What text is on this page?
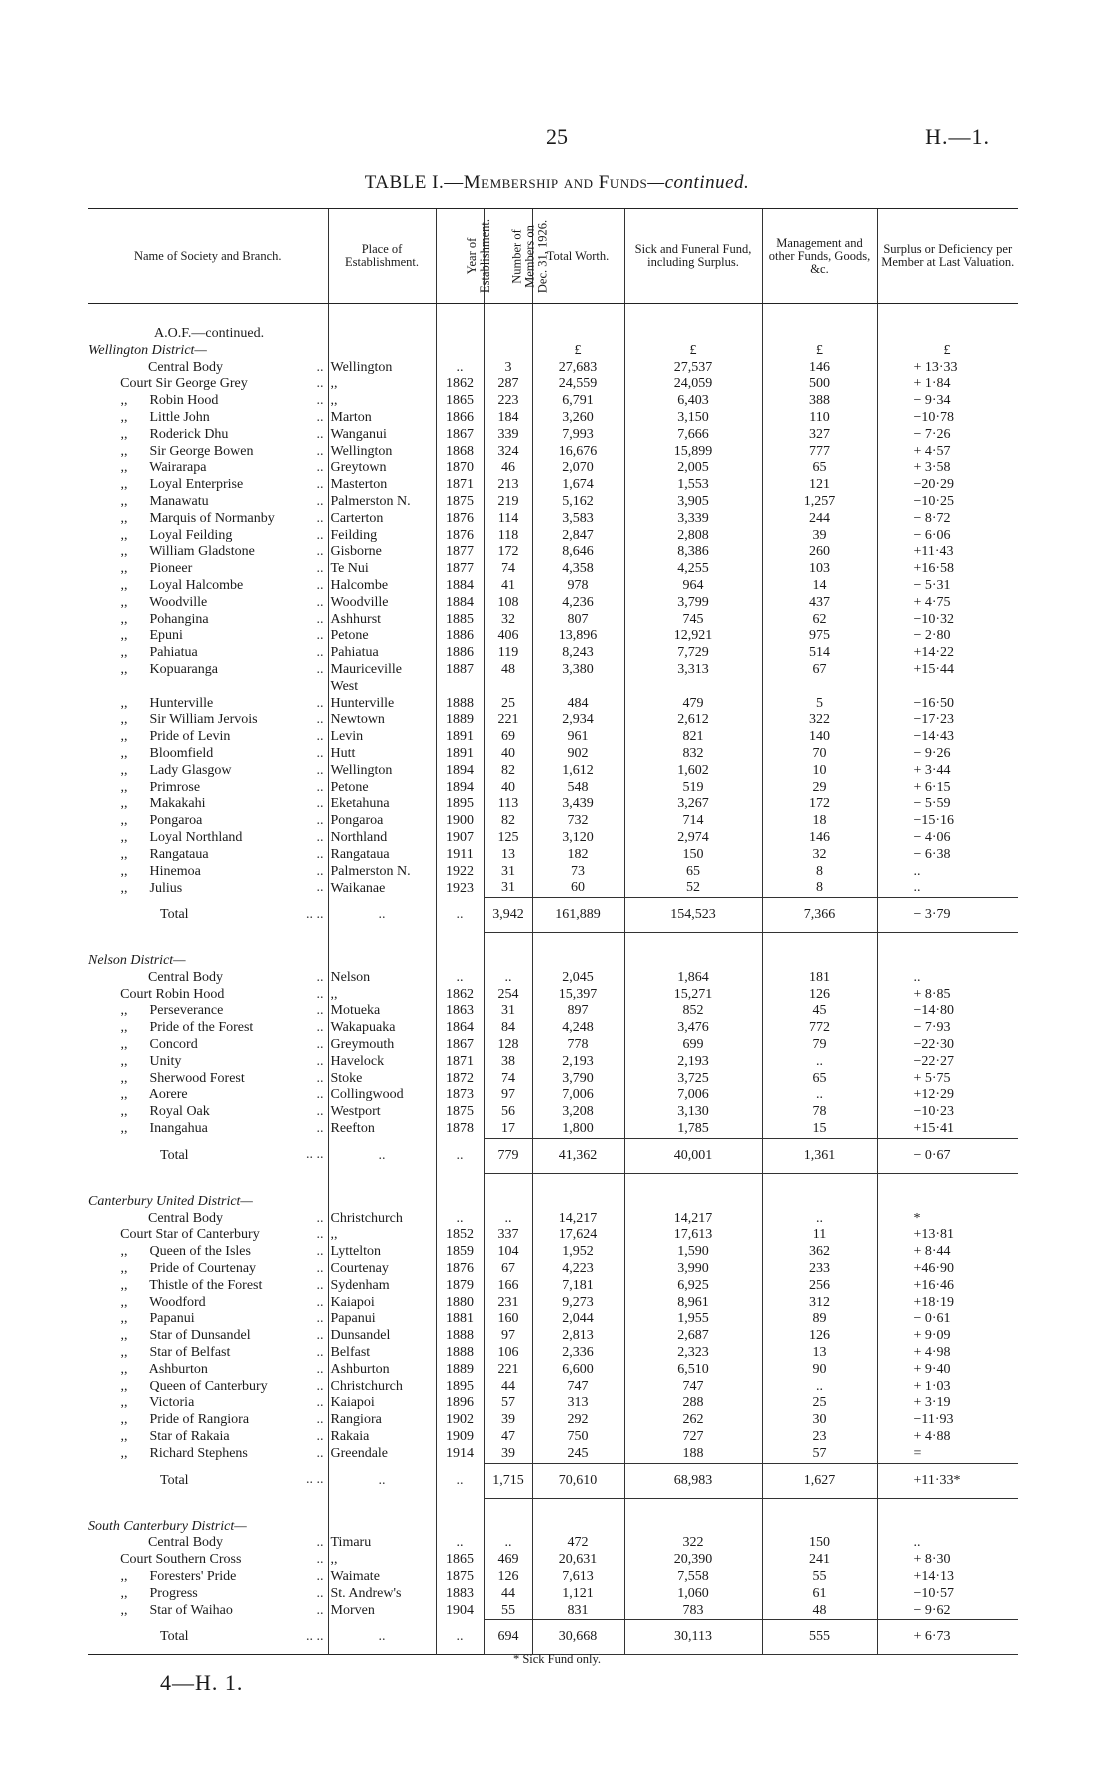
25	H.—1.
TABLE I.—Membership and Funds—continued.
Name of Society and Branch.	Place of Establishment.	Year of Establishment.	Number of Members on Dec. 31, 1926.	Total Worth.	Sick and Funeral Fund, including Surplus.	Management and other Funds, Goods, &c.	Surplus or Deficiency per Member at Last Valuation.

A.O.F.—continued.							
Wellington District—				£	£	£	£
Central Body ..	Wellington	..	3	27,683	27,537	146	+ 13·33
Court Sir George Grey ..	,,	1862	287	24,559	24,059	500	+ 1·84
,, Robin Hood ..	,,	1865	223	6,791	6,403	388	− 9·34
,, Little John ..	Marton	1866	184	3,260	3,150	110	−10·78
,, Roderick Dhu ..	Wanganui	1867	339	7,993	7,666	327	− 7·26
,, Sir George Bowen ..	Wellington	1868	324	16,676	15,899	777	+ 4·57
,, Wairarapa ..	Greytown	1870	46	2,070	2,005	65	+ 3·58
,, Loyal Enterprise ..	Masterton	1871	213	1,674	1,553	121	−20·29
,, Manawatu ..	Palmerston N.	1875	219	5,162	3,905	1,257	−10·25
,, Marquis of Normanby ..	Carterton	1876	114	3,583	3,339	244	− 8·72
,, Loyal Feilding ..	Feilding	1876	118	2,847	2,808	39	− 6·06
,, William Gladstone ..	Gisborne	1877	172	8,646	8,386	260	+11·43
,, Pioneer ..	Te Nui	1877	74	4,358	4,255	103	+16·58
,, Loyal Halcombe ..	Halcombe	1884	41	978	964	14	− 5·31
,, Woodville ..	Woodville	1884	108	4,236	3,799	437	+ 4·75
,, Pohangina ..	Ashhurst	1885	32	807	745	62	−10·32
,, Epuni ..	Petone	1886	406	13,896	12,921	975	− 2·80
,, Pahiatua ..	Pahiatua	1886	119	8,243	7,729	514	+14·22
,, Kopuaranga ..	Mauriceville	1887	48	3,380	3,313	67	+15·44
	West						
,, Hunterville ..	Hunterville	1888	25	484	479	5	−16·50
,, Sir William Jervois ..	Newtown	1889	221	2,934	2,612	322	−17·23
,, Pride of Levin ..	Levin	1891	69	961	821	140	−14·43
,, Bloomfield ..	Hutt	1891	40	902	832	70	− 9·26
,, Lady Glasgow ..	Wellington	1894	82	1,612	1,602	10	+ 3·44
,, Primrose ..	Petone	1894	40	548	519	29	+ 6·15
,, Makakahi ..	Eketahuna	1895	113	3,439	3,267	172	− 5·59
,, Pongaroa ..	Pongaroa	1900	82	732	714	18	−15·16
,, Loyal Northland ..	Northland	1907	125	3,120	2,974	146	− 4·06
,, Rangataua ..	Rangataua	1911	13	182	150	32	− 6·38
,, Hinemoa ..	Palmerston N.	1922	31	73	65	8	..
,, Julius ..	Waikanae	1923	31	60	52	8	..
Total .. ..	..	..	3,942	161,889	154,523	7,366	− 3·79

Nelson District—							
Central Body ..	Nelson	..	..	2,045	1,864	181	..
Court Robin Hood ..	,,	1862	254	15,397	15,271	126	+ 8·85
,, Perseverance ..	Motueka	1863	31	897	852	45	−14·80
,, Pride of the Forest ..	Wakapuaka	1864	84	4,248	3,476	772	− 7·93
,, Concord ..	Greymouth	1867	128	778	699	79	−22·30
,, Unity ..	Havelock	1871	38	2,193	2,193	..	−22·27
,, Sherwood Forest ..	Stoke	1872	74	3,790	3,725	65	+ 5·75
,, Aorere ..	Collingwood	1873	97	7,006	7,006	..	+12·29
,, Royal Oak ..	Westport	1875	56	3,208	3,130	78	−10·23
,, Inangahua ..	Reefton	1878	17	1,800	1,785	15	+15·41
Total .. ..	..	..	779	41,362	40,001	1,361	− 0·67

Canterbury United District—							
Central Body ..	Christchurch	..	..	14,217	14,217	..	*
Court Star of Canterbury ..	,,	1852	337	17,624	17,613	11	+13·81
,, Queen of the Isles ..	Lyttelton	1859	104	1,952	1,590	362	+ 8·44
,, Pride of Courtenay ..	Courtenay	1876	67	4,223	3,990	233	+46·90
,, Thistle of the Forest ..	Sydenham	1879	166	7,181	6,925	256	+16·46
,, Woodford ..	Kaiapoi	1880	231	9,273	8,961	312	+18·19
,, Papanui ..	Papanui	1881	160	2,044	1,955	89	− 0·61
,, Star of Dunsandel ..	Dunsandel	1888	97	2,813	2,687	126	+ 9·09
,, Star of Belfast ..	Belfast	1888	106	2,336	2,323	13	+ 4·98
,, Ashburton ..	Ashburton	1889	221	6,600	6,510	90	+ 9·40
,, Queen of Canterbury ..	Christchurch	1895	44	747	747	..	+ 1·03
,, Victoria ..	Kaiapoi	1896	57	313	288	25	+ 3·19
,, Pride of Rangiora ..	Rangiora	1902	39	292	262	30	−11·93
,, Star of Rakaia ..	Rakaia	1909	47	750	727	23	+ 4·88
,, Richard Stephens ..	Greendale	1914	39	245	188	57	=
Total .. ..	..	..	1,715	70,610	68,983	1,627	+11·33*

South Canterbury District—							
Central Body ..	Timaru	..	..	472	322	150	..
Court Southern Cross ..	,,	1865	469	20,631	20,390	241	+ 8·30
,, Foresters' Pride ..	Waimate	1875	126	7,613	7,558	55	+14·13
,, Progress ..	St. Andrew's	1883	44	1,121	1,060	61	−10·57
,, Star of Waihao ..	Morven	1904	55	831	783	48	− 9·62
Total .. ..	..	..	694	30,668	30,113	555	+ 6·73

* Sick Fund only.
4—H. 1.
